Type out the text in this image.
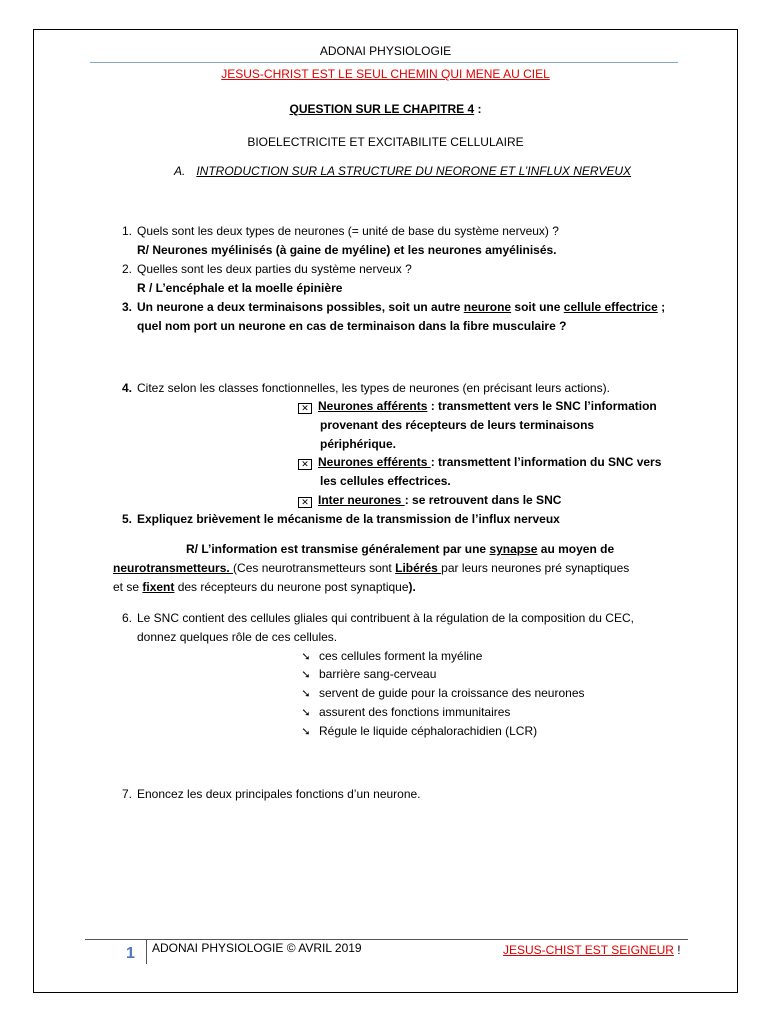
ADONAI PHYSIOLOGIE
JESUS-CHRIST EST LE SEUL CHEMIN QUI MENE AU CIEL
QUESTION SUR LE CHAPITRE 4 :
BIOELECTRICITE ET EXCITABILITE CELLULAIRE
A. INTRODUCTION SUR LA STRUCTURE DU NEORONE ET L’INFLUX NERVEUX
1. Quels sont les deux types de neurones (= unité de base du système nerveux) ?
R/ Neurones myélinisés (à gaine de myéline) et les neurones amyélinisés.
2. Quelles sont les deux parties du système nerveux ?
R / L’encéphale et la moelle épinière
3. Un neurone a deux terminaisons possibles, soit un autre neurone soit une cellule effectrice ;
quel nom port un neurone en cas de terminaison dans la fibre musculaire ?
4. Citez selon les classes fonctionnelles, les types de neurones (en précisant leurs actions).
✕ Neurones afférents : transmettent vers le SNC l’information
provenant des récepteurs de leurs terminaisons
périphérique.
✕ Neurones efférents : transmettent l’information du SNC vers
les cellules effectrices.
✕ Inter neurones : se retrouvent dans le SNC
5. Expliquez brièvement le mécanisme de la transmission de l’influx nerveux
R/ L’information est transmise généralement par une synapse au moyen de
neurotransmetteurs. (Ces neurotransmetteurs sont Libérés par leurs neurones pré synaptiques
et se fixent des récepteurs du neurone post synaptique).
6. Le SNC contient des cellules gliales qui contribuent à la régulation de la composition du CEC,
donnez quelques rôle de ces cellules.
➘ ces cellules forment la myéline
➘ barrière sang-cerveau
➘ servent de guide pour la croissance des neurones
➘ assurent des fonctions immunitaires
➘ Régule le liquide céphalorachidien (LCR)
7. Enoncez les deux principales fonctions d’un neurone.
1 ADONAI PHYSIOLOGIE © AVRIL 2019	JESUS-CHIST EST SEIGNEUR !
